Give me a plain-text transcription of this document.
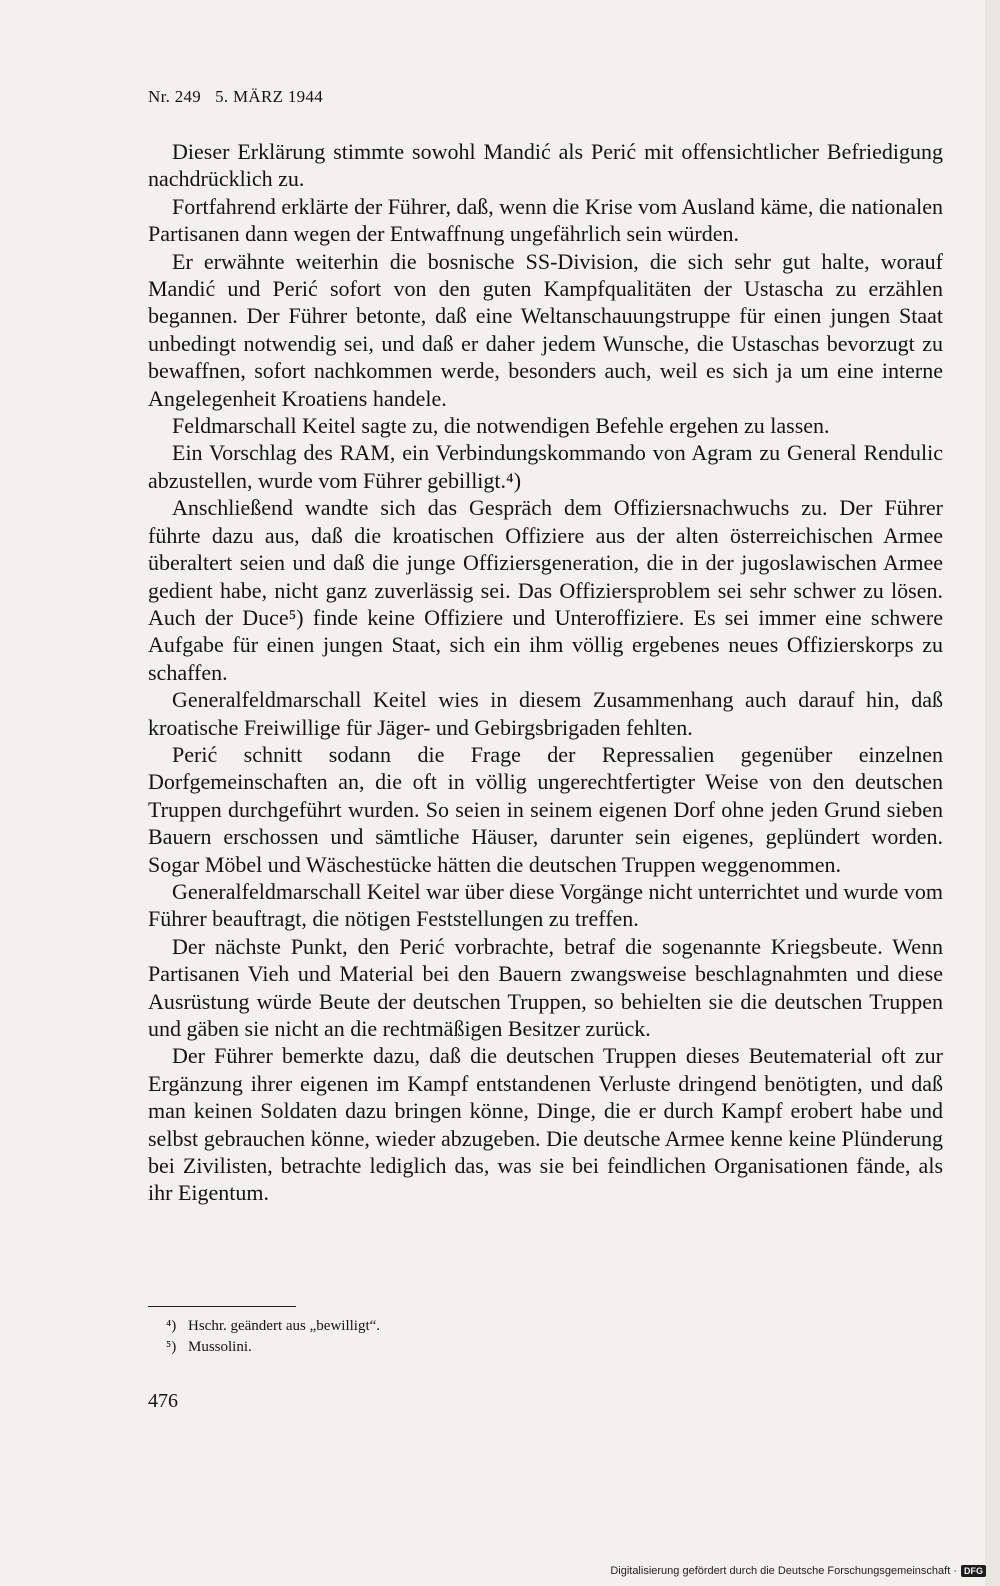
Nr. 249 5. MÄRZ 1944

Dieser Erklärung stimmte sowohl Mandić als Perić mit offensichtlicher Befriedigung nachdrücklich zu.

Fortfahrend erklärte der Führer, daß, wenn die Krise vom Ausland käme, die nationalen Partisanen dann wegen der Entwaffnung ungefährlich sein würden.

Er erwähnte weiterhin die bosnische SS-Division, die sich sehr gut halte, worauf Mandić und Perić sofort von den guten Kampfqualitäten der Ustascha zu erzählen begannen. Der Führer betonte, daß eine Weltanschauungstruppe für einen jungen Staat unbedingt notwendig sei, und daß er daher jedem Wunsche, die Ustaschas bevorzugt zu bewaffnen, sofort nachkommen werde, besonders auch, weil es sich ja um eine interne Angelegenheit Kroatiens handele.

Feldmarschall Keitel sagte zu, die notwendigen Befehle ergehen zu lassen.

Ein Vorschlag des RAM, ein Verbindungskommando von Agram zu General Rendulic abzustellen, wurde vom Führer gebilligt.⁴)

Anschließend wandte sich das Gespräch dem Offiziersnachwuchs zu. Der Führer führte dazu aus, daß die kroatischen Offiziere aus der alten österreichischen Armee überaltert seien und daß die junge Offiziersgeneration, die in der jugoslawischen Armee gedient habe, nicht ganz zuverlässig sei. Das Offiziersproblem sei sehr schwer zu lösen. Auch der Duce⁵) finde keine Offiziere und Unteroffiziere. Es sei immer eine schwere Aufgabe für einen jungen Staat, sich ein ihm völlig ergebenes neues Offizierskorps zu schaffen.

Generalfeldmarschall Keitel wies in diesem Zusammenhang auch darauf hin, daß kroatische Freiwillige für Jäger- und Gebirgsbrigaden fehlten.

Perić schnitt sodann die Frage der Repressalien gegenüber einzelnen Dorfgemeinschaften an, die oft in völlig ungerechtfertigter Weise von den deutschen Truppen durchgeführt wurden. So seien in seinem eigenen Dorf ohne jeden Grund sieben Bauern erschossen und sämtliche Häuser, darunter sein eigenes, geplündert worden. Sogar Möbel und Wäschestücke hätten die deutschen Truppen weggenommen.

Generalfeldmarschall Keitel war über diese Vorgänge nicht unterrichtet und wurde vom Führer beauftragt, die nötigen Feststellungen zu treffen.

Der nächste Punkt, den Perić vorbrachte, betraf die sogenannte Kriegsbeute. Wenn Partisanen Vieh und Material bei den Bauern zwangsweise beschlagnahmten und diese Ausrüstung würde Beute der deutschen Truppen, so behielten sie die deutschen Truppen und gäben sie nicht an die rechtmäßigen Besitzer zurück.

Der Führer bemerkte dazu, daß die deutschen Truppen dieses Beutematerial oft zur Ergänzung ihrer eigenen im Kampf entstandenen Verluste dringend benötigten, und daß man keinen Soldaten dazu bringen könne, Dinge, die er durch Kampf erobert habe und selbst gebrauchen könne, wieder abzugeben. Die deutsche Armee kenne keine Plünderung bei Zivilisten, betrachte lediglich das, was sie bei feindlichen Organisationen fände, als ihr Eigentum.

⁴) Hschr. geändert aus „bewilligt“.
⁵) Mussolini.
476
Digitalisierung gefördert durch die Deutsche Forschungsgemeinschaft · DFG
